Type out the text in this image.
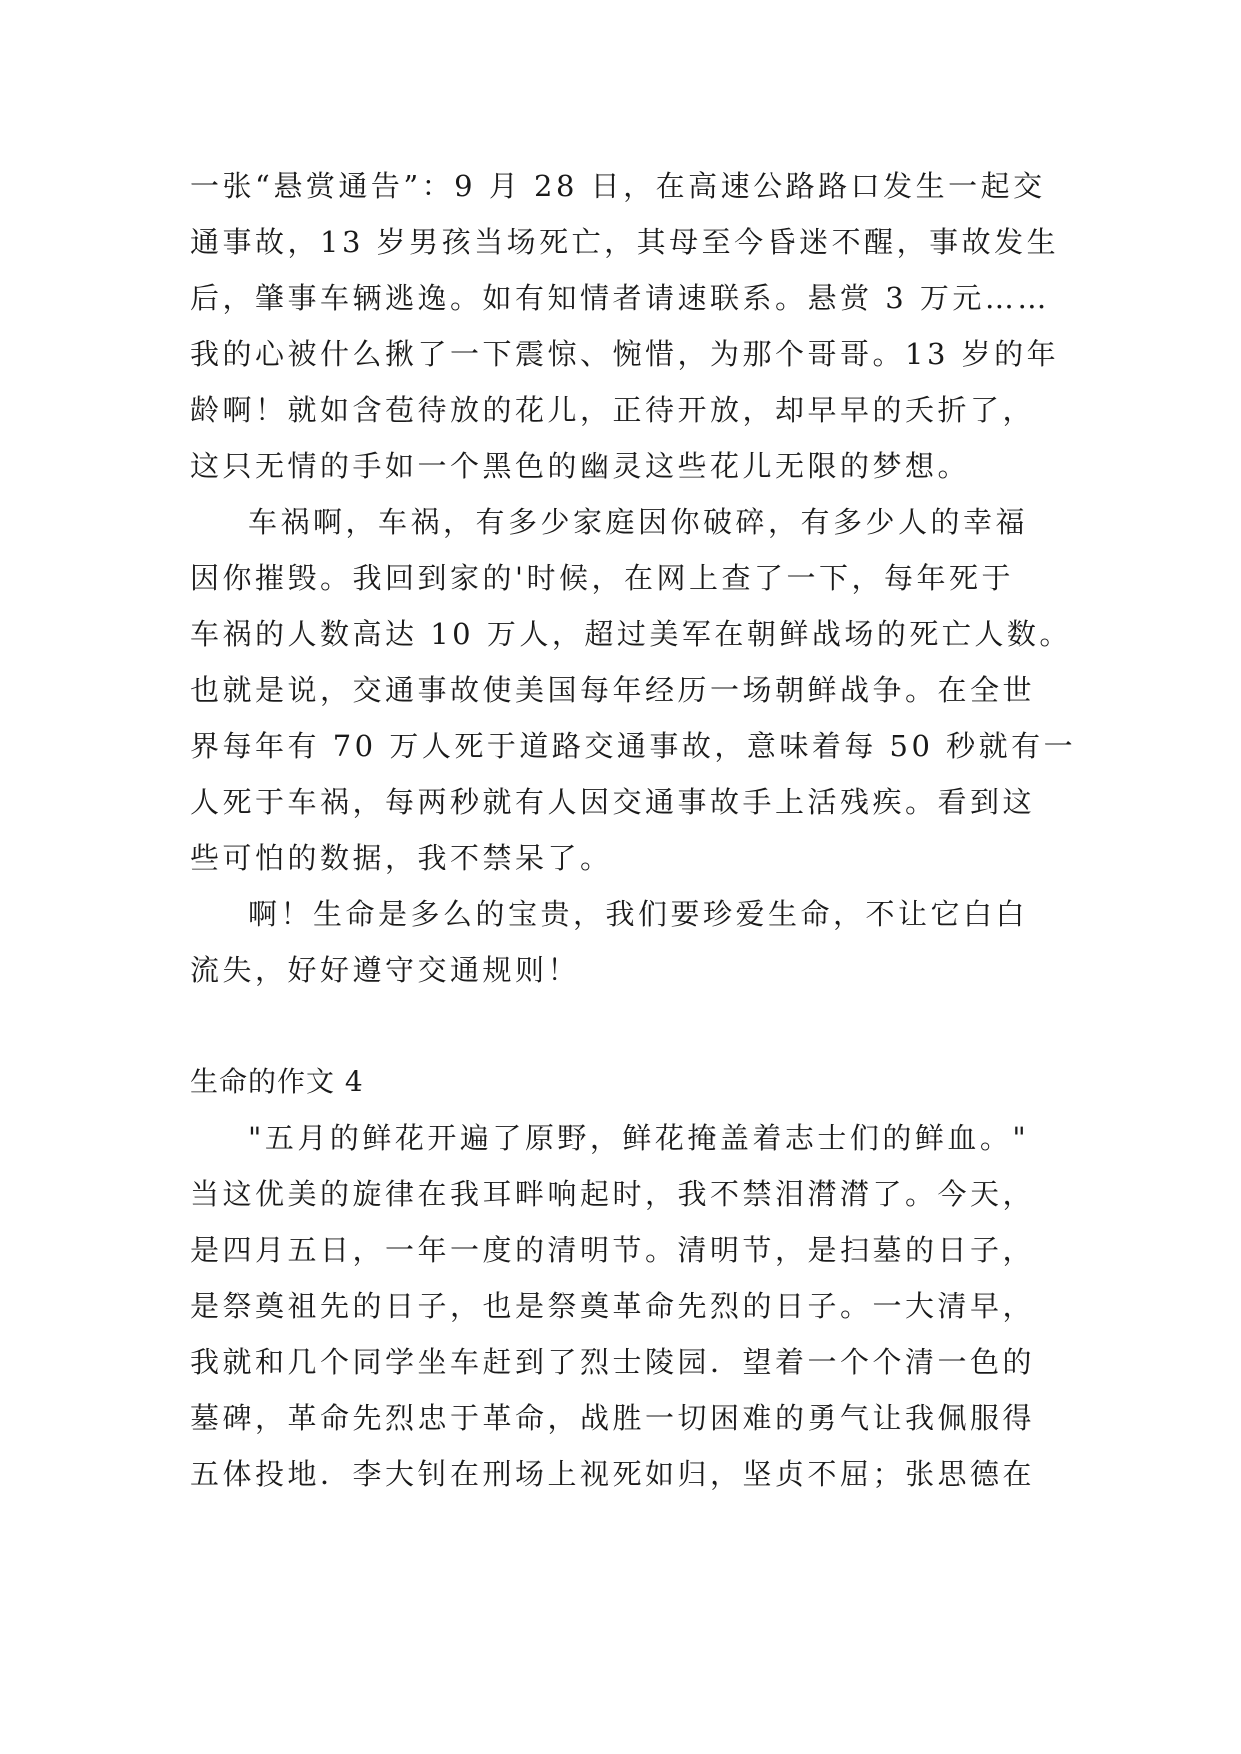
一张“悬赏通告”：9 月 28 日，在高速公路路口发生一起交
通事故，13 岁男孩当场死亡，其母至今昏迷不醒，事故发生
后，肇事车辆逃逸。如有知情者请速联系。悬赏 3 万元……
我的心被什么揪了一下震惊、惋惜，为那个哥哥。13 岁的年
龄啊！就如含苞待放的花儿，正待开放，却早早的夭折了，
这只无情的手如一个黑色的幽灵这些花儿无限的梦想。
车祸啊，车祸，有多少家庭因你破碎，有多少人的幸福
因你摧毁。我回到家的'时候，在网上查了一下，每年死于
车祸的人数高达 10 万人，超过美军在朝鲜战场的死亡人数。
也就是说，交通事故使美国每年经历一场朝鲜战争。在全世
界每年有 70 万人死于道路交通事故，意味着每 50 秒就有一
人死于车祸，每两秒就有人因交通事故手上活残疾。看到这
些可怕的数据，我不禁呆了。
啊！生命是多么的宝贵，我们要珍爱生命，不让它白白
流失，好好遵守交通规则！
生命的作文 4
"五月的鲜花开遍了原野，鲜花掩盖着志士们的鲜血。"
当这优美的旋律在我耳畔响起时，我不禁泪潸潸了。今天，
是四月五日，一年一度的清明节。清明节，是扫墓的日子，
是祭奠祖先的日子，也是祭奠革命先烈的日子。一大清早，
我就和几个同学坐车赶到了烈士陵园．望着一个个清一色的
墓碑，革命先烈忠于革命，战胜一切困难的勇气让我佩服得
五体投地．李大钊在刑场上视死如归，坚贞不屈；张思德在
